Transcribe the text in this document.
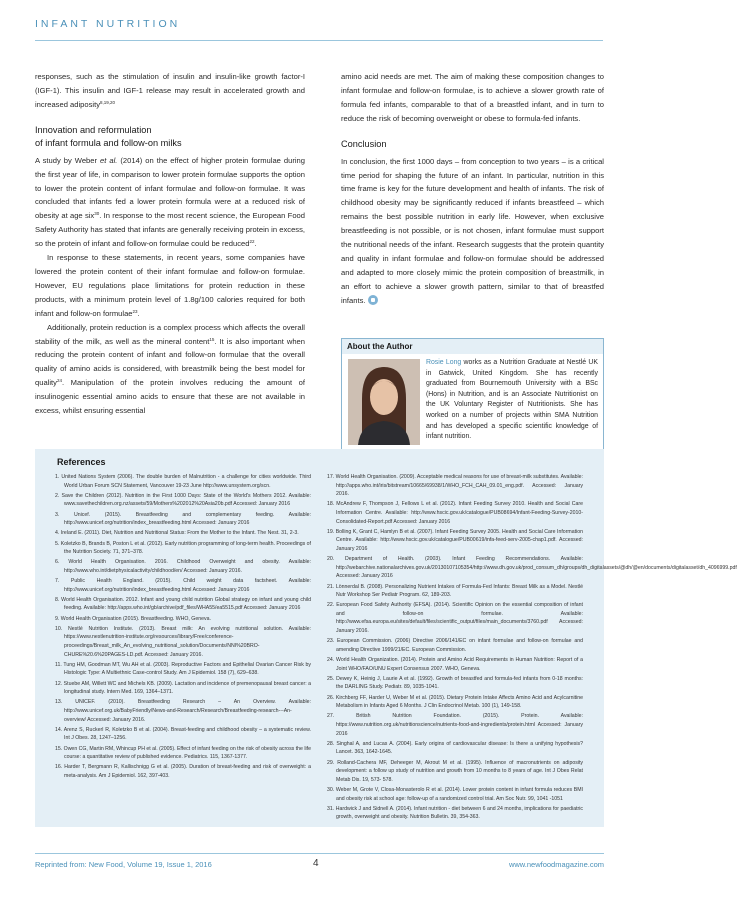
INFANT NUTRITION

responses, such as the stimulation of insulin and insulin-like growth factor-I (IGF-1). This insulin and IGF-1 release may result in accelerated growth and increased adiposity$^{8,19,20}$

Innovation and reformulation
of infant formula and follow-on milks

A study by Weber et al. (2014) on the effect of higher protein formulae during the first year of life, in comparison to lower protein formulae supports the option to lower the protein content of infant formulae and follow-on formulae. It was concluded that infants fed a lower protein formula were at a reduced risk of obesity at age six$^{30}$. In response to the most recent science, the European Food Safety Authority has stated that infants are generally receiving protein in excess, so the protein of infant and follow-on formulae could be reduced$^{22}$.

In response to these statements, in recent years, some companies have lowered the protein content of their infant formulae and follow-on formulae. However, EU regulations place limitations for protein reduction in these products, with a minimum protein level of 1.8g/100 calories required for both infant and follow-on formulae$^{23}$.

Additionally, protein reduction is a complex process which affects the overall stability of the milk, as well as the mineral content$^{15}$. It is also important when reducing the protein content of infant and follow-on formulae that the overall quality of amino acids is considered, with breastmilk being the best model for quality$^{24}$. Manipulation of the protein involves reducing the amount of insulinogenic essential amino acids to ensure that these are not available in excess, whilst ensuring essential

amino acid needs are met. The aim of making these composition changes to infant formulae and follow-on formulae, is to achieve a slower growth rate of formula fed infants, comparable to that of a breastfed infant, and in turn to reduce the risk of becoming overweight or obese to formula-fed infants.

Conclusion

In conclusion, the first 1000 days – from conception to two years – is a critical time period for shaping the future of an infant. In particular, nutrition in this time frame is key for the future development and health of infants. The risk of childhood obesity may be significantly reduced if infants breastfeed – which remains the best possible nutrition in early life. However, when exclusive breastfeeding is not possible, or is not chosen, infant formulae must support the nutritional needs of the infant. Research suggests that the protein quantity and quality in infant formulae and follow-on formulae should be addressed and adapted to more closely mimic the protein composition of breastmilk, in an effort to achieve a slower growth pattern, similar to that of breastfed infants.

About the Author
Rosie Long works as a Nutrition Graduate at Nestlé UK in Gatwick, United Kingdom. She has recently graduated from Bournemouth University with a BSc (Hons) in Nutrition, and is an Associate Nutritionist on the UK Voluntary Register of Nutritionists. She has worked on a number of projects within SMA Nutrition and has developed a specific scientific knowledge of infant nutrition.
References
1. United Nations System (2006). The double burden of Malnutrition - a challenge for cities worldwide. Third World Urban Forum SCN Statement, Vancouver 19-23 June http://www.unsystem.org/scn.
2. Save the Children (2012). Nutrition in the First 1000 Days: State of the World's Mothers 2012. Available: www.savethechildren.org.nz/assets/59/Mothers%202012%20Asia20b.pdf Accessed: January 2016
3. Unicef. (2015). Breastfeeding and complementary feeding. Available: http://www.unicef.org/nutrition/index_breastfeeding.html Accessed: January 2016
4. Ireland E. (2011). Diet, Nutrition and Nutritional Status: From the Mother to the Infant. The Nest. 31, 2-3.
5. Koletzko B, Brands B, Poston L et al. (2012). Early nutrition programming of long-term health. Proceedings of the Nutrition Society. 71, 371–378.
6. World Health Organisation. 2016. Childhood Overweight and obesity. Available: http://www.who.int/dietphysicalactivity/childhood/en/ Accessed: January 2016.
7. Public Health England. (2015). Child weight data factsheet. Available: http://www.unicef.org/nutrition/index_breastfeeding.html Accessed: January 2016
8. World Health Organisation. 2012. Infant and young child nutrition Global strategy on infant and young child feeding. Available: http://apps.who.int/gb/archive/pdf_files/WHA55/ea5515.pdf Accessed: January 2016
9. World Health Organisation (2015). Breastfeeding. WHO, Geneva.
10. Nestlé Nutrition Institute. (2013). Breast milk: An evolving nutritional solution. Available: https://www.nestlenutrition-institute.org/resources/library/Free/conference-proceedings/Breast_milk_An_evolving_nutritional_solution/Documents/NNI%20BRO-CHURE%20.6%20PAGES-LD.pdf. Accessed: January 2016.
11. Tung HM, Goodman MT, Wu AH et al. (2003). Reproductive Factors and Epithelial Ovarian Cancer Risk by Histologic Type: A Multiethnic Case-control Study. Am J Epidemiol. 158 (7), 629–638.
12. Stuebe AM, Willett WC and Michels KB. (2009). Lactation and incidence of premenopausal breast cancer: a longitudinal study. Intern Med. 169, 1364–1371.
13. UNICEF. (2010). Breastfeeding Research – An Overview. Available: http://www.unicef.org.uk/BabyFriendly/News-and-Research/Research/Breastfeeding-research---An-overview/ Accessed: January 2016.
14. Arenz S, Ruckerl R, Koletzko B et al. (2004). Breast-feeding and childhood obesity – a systematic review. Int J Obes. 28, 1247–1256.
15. Owen CG, Martin RM, Whincup PH et al. (2005). Effect of infant feeding on the risk of obesity across the life course: a quantitative review of published evidence. Pediatrics. 115, 1367-1377.
16. Harder T, Bergmann R, Kallischnigg G et al. (2005). Duration of breast-feeding and risk of overweight: a meta-analysis. Am J Epidemiol. 162, 397-403.
17. World Health Organisation. (2009). Acceptable medical reasons for use of breast-milk substitutes. Available: http://apps.who.int/iris/bitstream/10665/69938/1/WHO_FCH_CAH_09.01_eng.pdf. Accessed: January 2016.
18. McAndrew F, Thompson J, Fellows L et al. (2012). Infant Feeding Survey 2010. Health and Social Care Information Centre. Available: http://www.hscic.gov.uk/catalogue/PUB08694/Infant-Feeding-Survey-2010-Consolidated-Report.pdf Accessed: January 2016
19. Bolling K, Grant C, Hamlyn B et al. (2007). Infant Feeding Survey 2005. Health and Social Care Information Centre. Available: http://www.hscic.gov.uk/catalogue/PUB00619/infa-feed-serv-2005-chap1.pdf. Accessed: January 2016
20. Department of Health. (2003). Infant Feeding Recommendations. Available: http://webarchive.nationalarchives.gov.uk/20130107105354/http://www.dh.gov.uk/prod_consum_dh/groups/dh_digitalassets/@dh/@en/documents/digitalasset/dh_4096999.pdf Accessed: January 2016
21. Lönnerdal B. (2008). Personalizing Nutrient Intakes of Formula-Fed Infants: Breast Milk as a Model. Nestlé Nutr Workshop Ser Pediatr Program. 62, 189-203.
22. European Food Safety Authority (EFSA). (2014). Scientific Opinion on the essential composition of infant and follow-on formulae. Available: http://www.efsa.europa.eu/sites/default/files/scientific_output/files/main_documents/3760.pdf Accessed: January 2016.
23. European Commission. (2006) Directive 2006/141/EC on infant formulae and follow-on formulae and amending Directive 1999/21/EC. European Commission.
24. World Health Organization. (2014). Protein and Amino Acid Requirements in Human Nutrition: Report of a Joint WHO/FAO/UNU Expert Consensus 2007. WHO, Geneva.
25. Dewey K, Heinig J, Laurie A et al. (1992). Growth of breastfed and formula-fed infants from 0-18 months: the DARLING Study. Pediatr. 89, 1035-1041.
26. Kirchberg FF, Harder U, Weber M et al. (2015). Dietary Protein Intake Affects Amino Acid and Acylcarnitine Metabolism in Infants Aged 6 Months. J Clin Endocrinol Metab. 100 (1), 149-158.
27. British Nutrition Foundation. (2015). Protein. Available: https://www.nutrition.org.uk/nutritionscience/nutrients-food-and-ingredients/protein.html Accessed: January 2016
28. Singhal A, and Lucas A. (2004). Early origins of cardiovascular disease: Is there a unifying hypothesis? Lancet. 363, 1642-1645.
29. Rolland-Cachera MF, Deheeger M, Akrout M et al. (1995). Influence of macronutrients on adiposity development: a follow up study of nutrition and growth from 10 months to 8 years of age. Int J Obes Relat Metab Dis. 19, 573- 578.
30. Weber M, Grote V, Closa-Monasterolo R et al. (2014). Lower protein content in infant formula reduces BMI and obesity risk at school age: follow-up of a randomized control trial. Am Soc Nutr. 99, 1041 -1051
31. Hardwick J and Sidnell A. (2014). Infant nutrition - diet between 6 and 24 months, implications for paediatric growth, overweight and obesity. Nutrition Bulletin. 39, 354-363.
Reprinted from: New Food, Volume 19, Issue 1, 2016	4	www.newfoodmagazine.com
